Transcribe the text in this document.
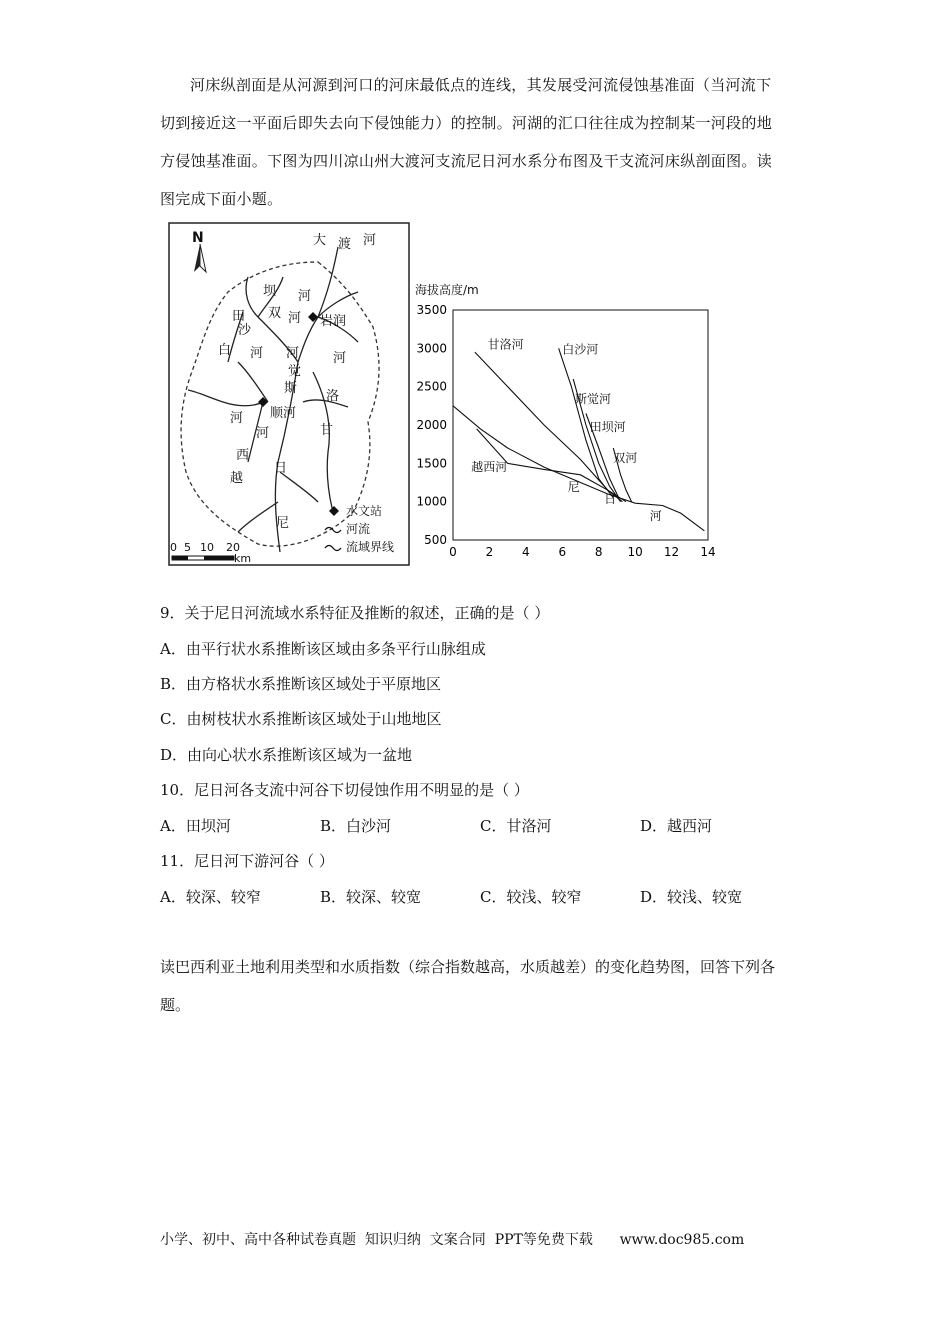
河床纵剖面是从河源到河口的河床最低点的连线，其发展受河流侵蚀基准面（当河流下切到接近这一平面后即失去向下侵蚀能力）的控制。河湖的汇口往往成为控制某一河段的地方侵蚀基准面。下图为四川凉山州大渡河支流尼日河水系分布图及干支流河床纵剖面图。读图完成下面小题。

N
坝
双
河
河 岩润
田
沙
白 河 河
觉
斯
河
洛
顺河
河
河	甘
西
越
日
尼
大 渡 河
水文站
河流
流域界线
0 5 10 20
km
海拔高度/m
500
1000
1500
2000
2500
3000
3500
0 2 4 6 8 10 12 14
甘洛河	白沙河
斯觉河
田坝河
双河
越西河
尼
日
河
9．关于尼日河流域水系特征及推断的叙述，正确的是（ ）
A．由平行状水系推断该区域由多条平行山脉组成
B．由方格状水系推断该区域处于平原地区
C．由树枝状水系推断该区域处于山地地区
D．由向心状水系推断该区域为一盆地
10．尼日河各支流中河谷下切侵蚀作用不明显的是（ ）
A．田坝河	B．白沙河	C．甘洛河	D．越西河
11．尼日河下游河谷（ ）
A．较深、较窄	B．较深、较宽	C．较浅、较窄	D．较浅、较宽

读巴西利亚土地利用类型和水质指数（综合指数越高，水质越差）的变化趋势图，回答下列各题。

小学、初中、高中各种试卷真题  知识归纳  文案合同  PPT等免费下载      www.doc985.com
